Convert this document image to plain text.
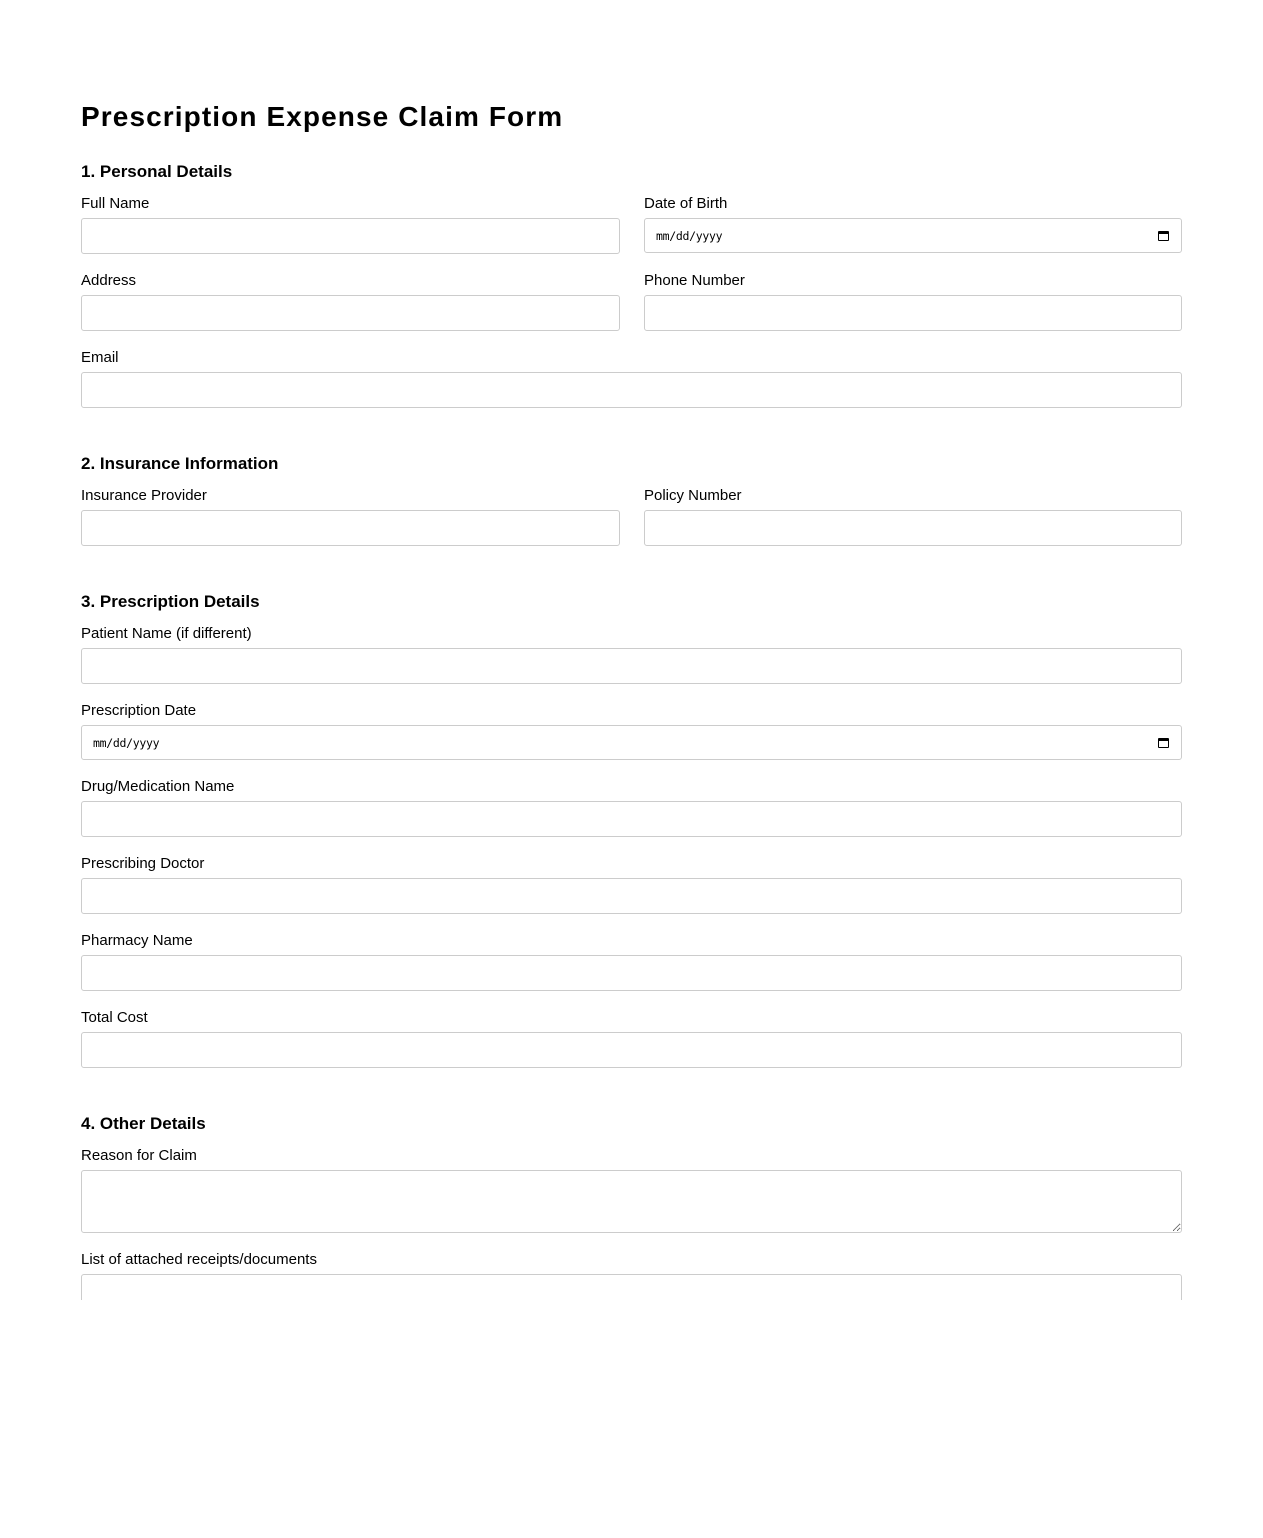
Prescription Expense Claim Form
1. Personal Details
Full Name	Date of Birth
mm/dd/yyyy
Address	Phone Number
Email
2. Insurance Information
Insurance Provider	Policy Number
3. Prescription Details
Patient Name (if different)
Prescription Date
mm/dd/yyyy
Drug/Medication Name
Prescribing Doctor
Pharmacy Name
Total Cost
4. Other Details
Reason for Claim
List of attached receipts/documents
